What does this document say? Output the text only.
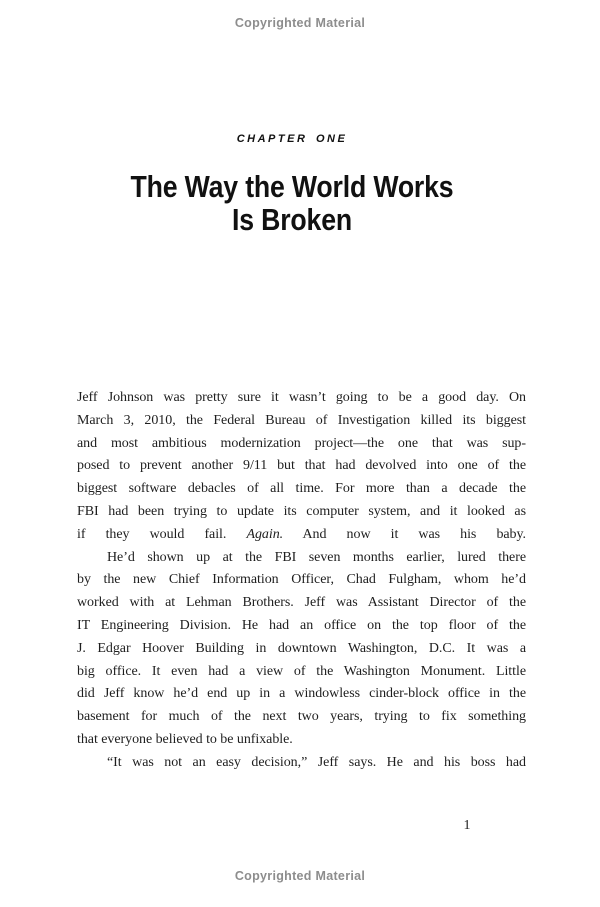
Copyrighted Material
CHAPTER ONE
The Way the World Works
Is Broken
Jeff Johnson was pretty sure it wasn’t going to be a good day. On
March 3, 2010, the Federal Bureau of Investigation killed its biggest
and most ambitious modernization project—the one that was sup-
posed to prevent another 9/11 but that had devolved into one of the
biggest software debacles of all time. For more than a decade the
FBI had been trying to update its computer system, and it looked as
if they would fail. Again. And now it was his baby.
He’d shown up at the FBI seven months earlier, lured there
by the new Chief Information Officer, Chad Fulgham, whom he’d
worked with at Lehman Brothers. Jeff was Assistant Director of the
IT Engineering Division. He had an office on the top floor of the
J. Edgar Hoover Building in downtown Washington, D.C. It was a
big office. It even had a view of the Washington Monument. Little
did Jeff know he’d end up in a windowless cinder-block office in the
basement for much of the next two years, trying to fix something
that everyone believed to be unfixable.
“It was not an easy decision,” Jeff says. He and his boss had
1
Copyrighted Material
